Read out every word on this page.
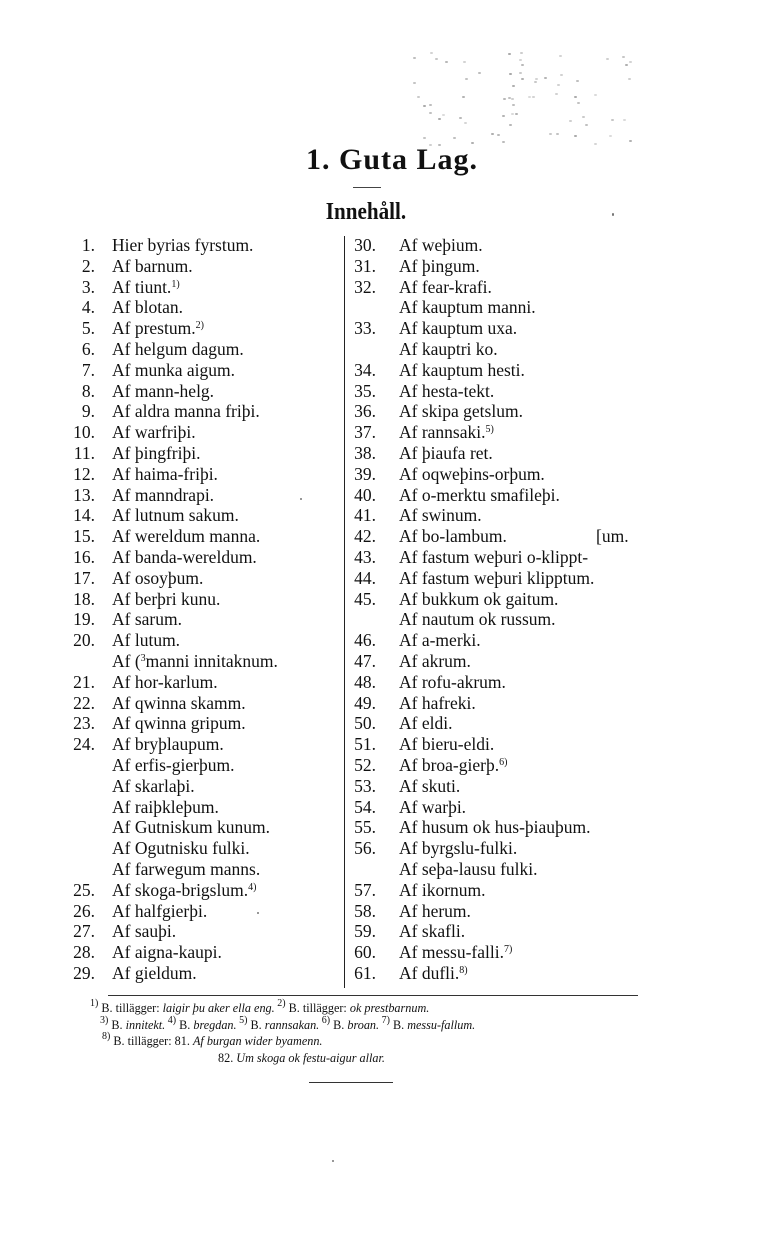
1. Guta Lag.
Innehåll.
1. Hier byrias fyrstum.
2. Af barnum.
3. Af tiunt.$^{1)}$
4. Af blotan.
5. Af prestum.$^{2)}$
6. Af helgum dagum.
7. Af munka aigum.
8. Af mann-helg.
9. Af aldra manna friþi.
10. Af warfriþi.
11. Af þingfriþi.
12. Af haima-friþi.
13. Af manndrapi.
14. Af lutnum sakum.
15. Af wereldum manna.
16. Af banda-wereldum.
17. Af osoyþum.
18. Af berþri kunu.
19. Af sarum.
20. Af lutum.
Af ($^3$manni innitaknum.
21. Af hor-karlum.
22. Af qwinna skamm.
23. Af qwinna gripum.
24. Af bryþlaupum.
Af erfis-gierþum.
Af skarlaþi.
Af raiþkleþum.
Af Gutniskum kunum.
Af Ogutnisku fulki.
Af farwegum manns.
25. Af skoga-brigslum.$^{4)}$
26. Af halfgierþi.
27. Af sauþi.
28. Af aigna-kaupi.
29. Af gieldum.
30. Af weþium.
31. Af þingum.
32. Af fear-krafi.
Af kauptum manni.
33. Af kauptum uxa.
Af kauptri ko.
34. Af kauptum hesti.
35. Af hesta-tekt.
36. Af skipa getslum.
37. Af rannsaki.$^{5)}$
38. Af þiaufa ret.
39. Af oqweþins-orþum.
40. Af o-merktu smafileþi.
41. Af swinum.
42. Af bo-lambum.	[um.
43. Af fastum weþuri o-klippt-
44. Af fastum weþuri klipptum.
45. Af bukkum ok gaitum.
Af nautum ok russum.
46. Af a-merki.
47. Af akrum.
48. Af rofu-akrum.
49. Af hafreki.
50. Af eldi.
51. Af bieru-eldi.
52. Af broa-gierþ.$^{6)}$
53. Af skuti.
54. Af warþi.
55. Af husum ok hus-þiauþum.
56. Af byrgslu-fulki.
Af seþa-lausu fulki.
57. Af ikornum.
58. Af herum.
59. Af skafli.
60. Af messu-falli.$^{7)}$
61. Af dufli.$^{8)}$
$^{1)}$ B. tillägger: laigir þu aker ella eng. $^{2)}$ B. tillägger: ok prestbarnum.
$^{3)}$ B. innitekt. $^{4)}$ B. bregdan. $^{5)}$ B. rannsakan. $^{6)}$ B. broan. $^{7)}$ B. messu-fallum.
$^{8)}$ B. tillägger: 81. Af burgan wider byamenn.
82. Um skoga ok festu-aigur allar.
